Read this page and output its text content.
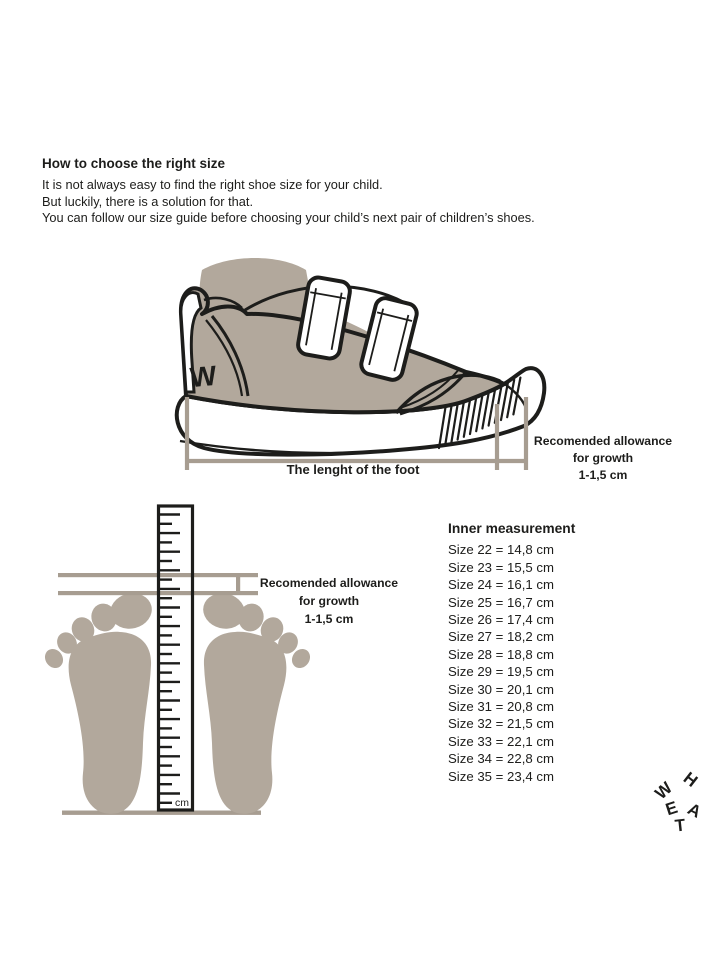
How to choose the right size

It is not always easy to find the right shoe size for your child.

But luckily, there is a solution for that.

You can follow our size guide before choosing your child’s next pair of children’s shoes.

W
The lenght of the foot

Recomended allowance

for growth

1-1,5 cm

cm

Recomended allowance

for growth

1-1,5 cm

Inner measurement

Size 22 = 14,8 cm
Size 23 = 15,5 cm
Size 24 = 16,1 cm
Size 25 = 16,7 cm
Size 26 = 17,4 cm
Size 27 = 18,2 cm
Size 28 = 18,8 cm
Size 29 = 19,5 cm
Size 30 = 20,1 cm
Size 31 = 20,8 cm
Size 32 = 21,5 cm
Size 33 = 22,1 cm
Size 34 = 22,8 cm
Size 35 = 23,4 cm
W H
E A
T
